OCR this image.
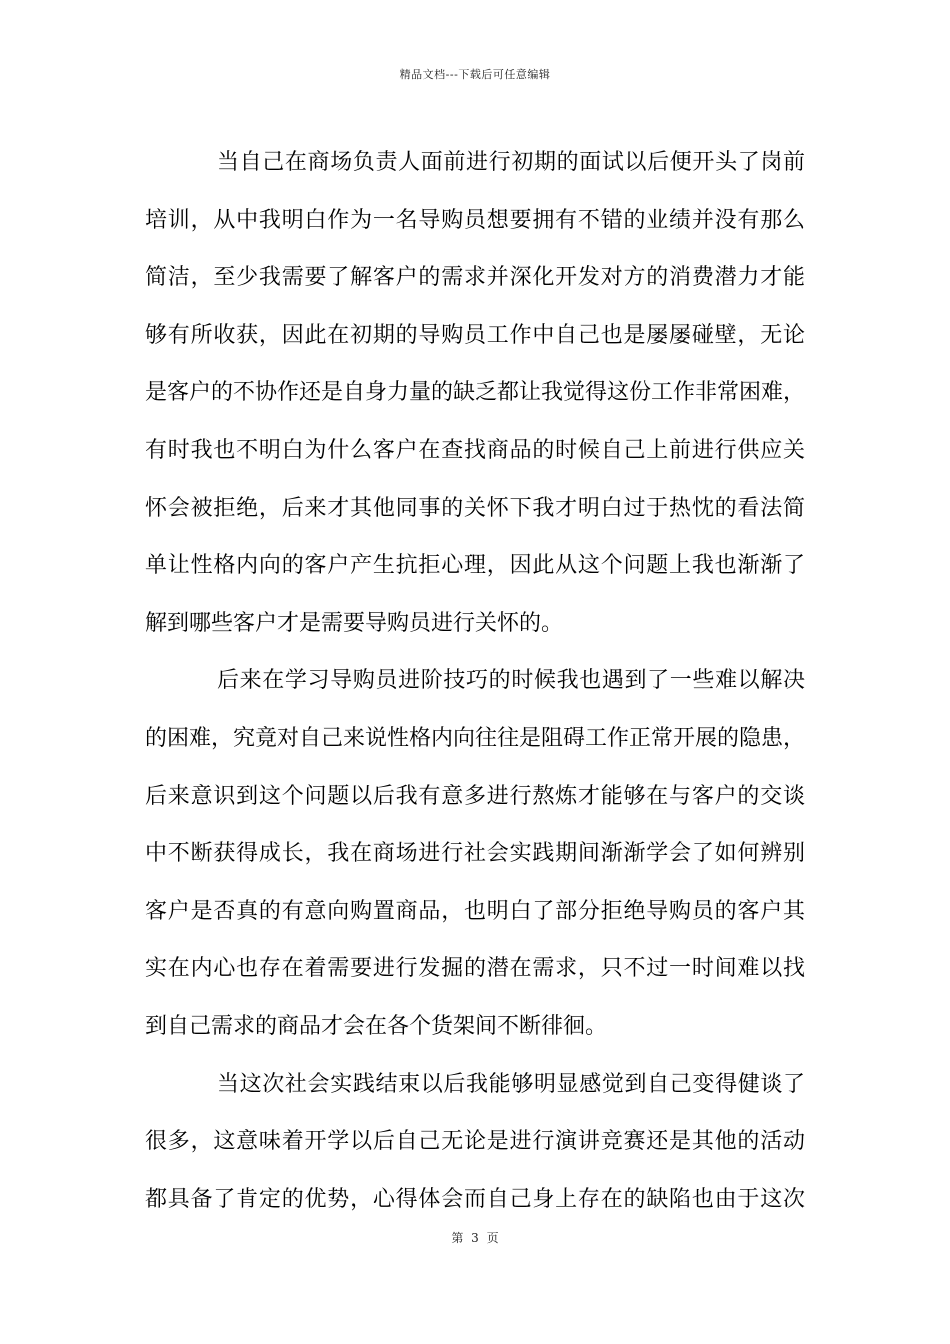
精品文档---下载后可任意编辑
当自己在商场负责人面前进行初期的面试以后便开头了岗前
培训，从中我明白作为一名导购员想要拥有不错的业绩并没有那么
简洁，至少我需要了解客户的需求并深化开发对方的消费潜力才能
够有所收获，因此在初期的导购员工作中自己也是屡屡碰壁，无论
是客户的不协作还是自身力量的缺乏都让我觉得这份工作非常困难，
有时我也不明白为什么客户在查找商品的时候自己上前进行供应关
怀会被拒绝，后来才其他同事的关怀下我才明白过于热忱的看法简
单让性格内向的客户产生抗拒心理，因此从这个问题上我也渐渐了
解到哪些客户才是需要导购员进行关怀的。
后来在学习导购员进阶技巧的时候我也遇到了一些难以解决
的困难，究竟对自己来说性格内向往往是阻碍工作正常开展的隐患，
后来意识到这个问题以后我有意多进行熬炼才能够在与客户的交谈
中不断获得成长，我在商场进行社会实践期间渐渐学会了如何辨别
客户是否真的有意向购置商品，也明白了部分拒绝导购员的客户其
实在内心也存在着需要进行发掘的潜在需求，只不过一时间难以找
到自己需求的商品才会在各个货架间不断徘徊。
当这次社会实践结束以后我能够明显感觉到自己变得健谈了
很多，这意味着开学以后自己无论是进行演讲竞赛还是其他的活动
都具备了肯定的优势，心得体会而自己身上存在的缺陷也由于这次
第 3 页
